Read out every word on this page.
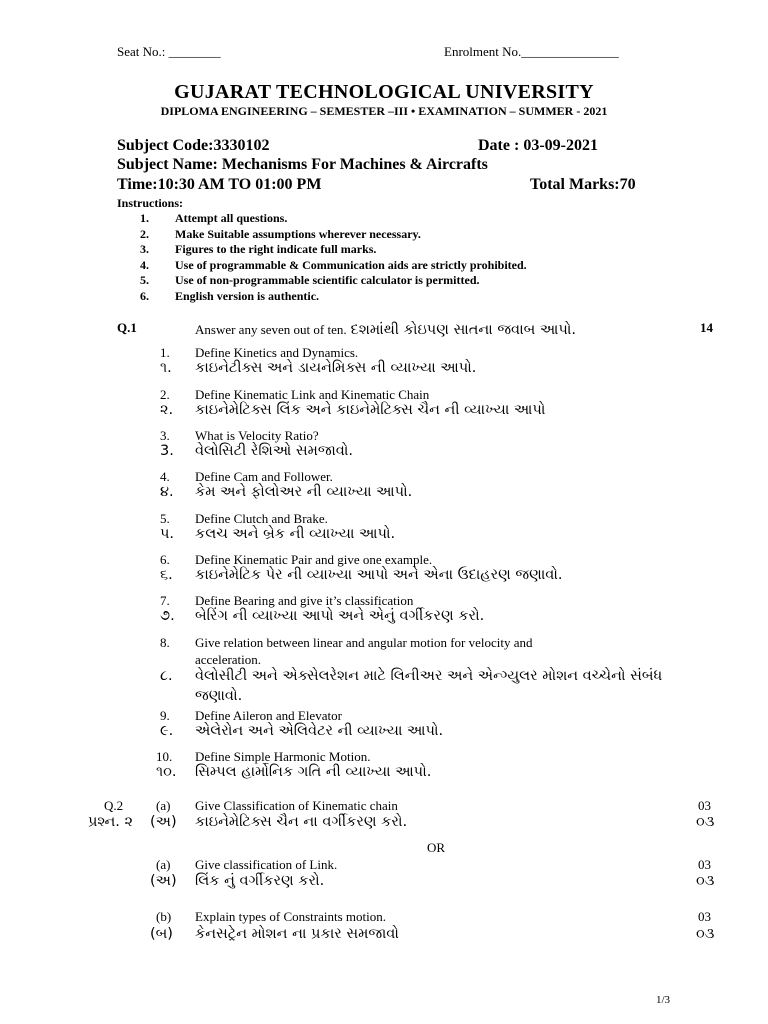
Seat No.: ________	Enrolment No._______________
GUJARAT TECHNOLOGICAL UNIVERSITY
DIPLOMA ENGINEERING – SEMESTER –III • EXAMINATION – SUMMER - 2021
Subject Code:3330102	Date : 03-09-2021
Subject Name: Mechanisms For Machines & Aircrafts
Time:10:30 AM TO 01:00 PM	Total Marks:70
Instructions:
1. Attempt all questions.
2. Make Suitable assumptions wherever necessary.
3. Figures to the right indicate full marks.
4. Use of programmable & Communication aids are strictly prohibited.
5. Use of non-programmable scientific calculator is permitted.
6. English version is authentic.
Q.1	Answer any seven out of ten. દશમાંથી કોઇપણ સાતના જવાબ આપો.	14
1. Define Kinetics and Dynamics.
૧. કાઇનેટીક્સ અને ડાયનેમિક્સ ની વ્યાખ્યા આપો.
2. Define Kinematic Link and Kinematic Chain
૨. કાઇનેમેટિક્સ લિંક અને કાઇનેમેટિક્સ ચૈન ની વ્યાખ્યા આપો
3. What is Velocity Ratio?
3. વેલોસિટી રેશિઓ સમજાવો.
4. Define Cam and Follower.
૪. કેમ અને ફોલોઅર ની વ્યાખ્યા આપો.
5. Define Clutch and Brake.
પ. કલચ અને બ્રેક ની વ્યાખ્યા આપો.
6. Define Kinematic Pair and give one example.
૬. કાઇનેમેટિક પેર ની વ્યાખ્યા આપો અને એના ઉદાહરણ જણાવો.
7. Define Bearing and give it’s classification
૭. બેરિંગ ની વ્યાખ્યા આપો અને એનું વર્ગીકરણ કરો.
8. Give relation between linear and angular motion for velocity and
acceleration.
૮. વેલોસીટી અને એક્સેલરેશન માટે લિનીઅર અને એન્ગ્યુલર મોશન વચ્ચેનો સંબંધ
જણાવો.
9. Define Aileron and Elevator
૯. એલેરોન અને એલિવેટર ની વ્યાખ્યા આપો.
10. Define Simple Harmonic Motion.
૧૦. સિમ્પલ હાર્મોનિક ગતિ ની વ્યાખ્યા આપો.
Q.2
પ્રશ્ન. ૨
(a) Give Classification of Kinematic chain	03
(અ) કાઇનેમેટિક્સ ચૈન ના વર્ગીકરણ કરો.	૦૩
OR
(a) Give classification of Link.	03
(અ) લિંક નું વર્ગીકરણ કરો.	૦૩
(b) Explain types of Constraints motion.	03
(બ) કેનસટ્રેન મોશન ના પ્રકાર સમજાવો	૦૩
1/3
